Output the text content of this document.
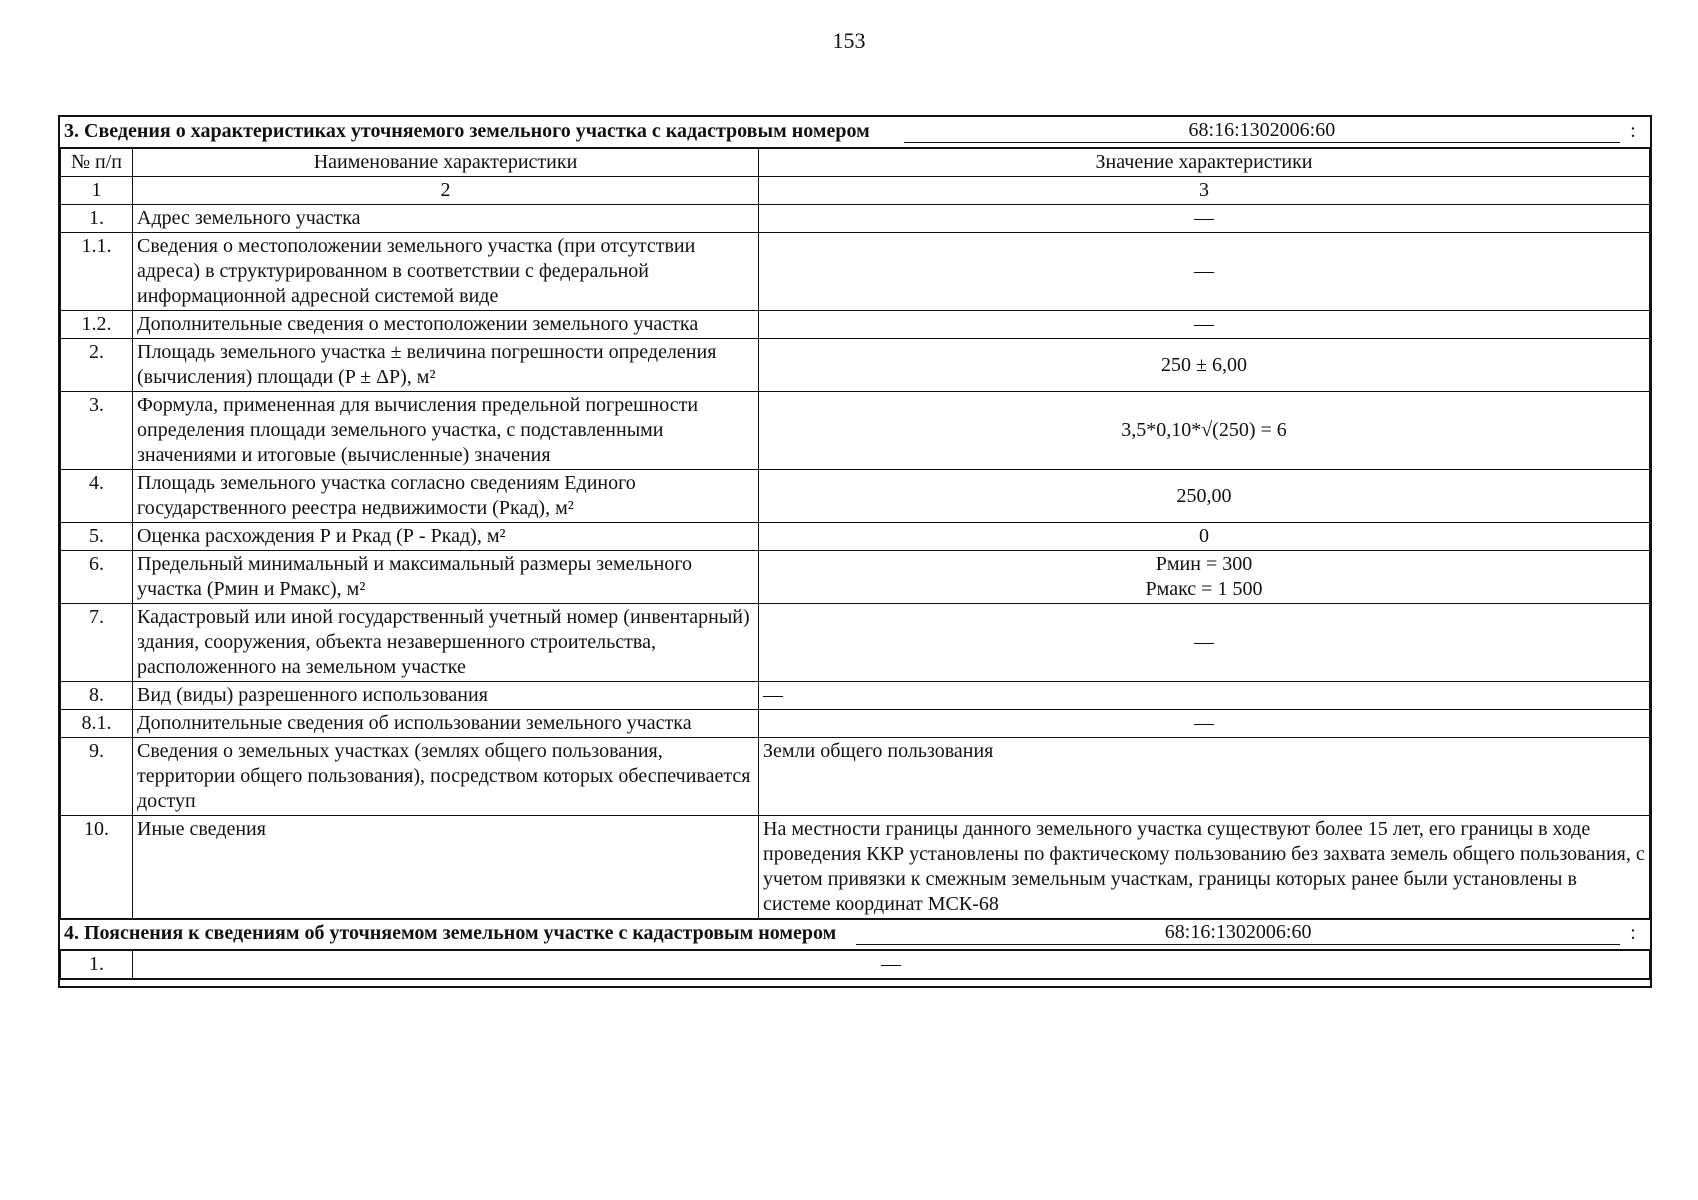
153
3. Сведения о характеристиках уточняемого земельного участка с кадастровым номером	68:16:1302006:60	:
№ п/п	Наименование характеристики	Значение характеристики
1	2	3
1.	Адрес земельного участка	—
1.1.	Сведения о местоположении земельного участка (при отсутствии адреса) в структурированном в соответствии с федеральной информационной адресной системой виде	—
1.2.	Дополнительные сведения о местоположении земельного участка	—
2.	Площадь земельного участка ± величина погрешности определения (вычисления) площади (P ± ΔP), м²	250 ± 6,00
3.	Формула, примененная для вычисления предельной погрешности определения площади земельного участка, с подставленными значениями и итоговые (вычисленные) значения	3,5*0,10*√(250) = 6
4.	Площадь земельного участка согласно сведениям Единого государственного реестра недвижимости (Ркад), м²	250,00
5.	Оценка расхождения Р и Ркад (Р - Ркад), м²	0
6.	Предельный минимальный и максимальный размеры земельного участка (Рмин и Рмакс), м²	Рмин = 300
Рмакс = 1 500

7.	Кадастровый или иной государственный учетный номер (инвентарный) здания, сооружения, объекта незавершенного строительства, расположенного на земельном участке	—
8.	Вид (виды) разрешенного использования	—
8.1.	Дополнительные сведения об использовании земельного участка	—
9.	Сведения о земельных участках (землях общего пользования, территории общего пользования), посредством которых обеспечивается доступ	Земли общего пользования
10.	Иные сведения	На местности границы данного земельного участка существуют более 15 лет, его границы в ходе проведения ККР установлены по фактическому пользованию без захвата земель общего пользования, с учетом привязки к смежным земельным участкам, границы которых ранее были установлены в системе координат МСК-68
4. Пояснения к сведениям об уточняемом земельном участке с кадастровым номером	68:16:1302006:60	:
1.	—
